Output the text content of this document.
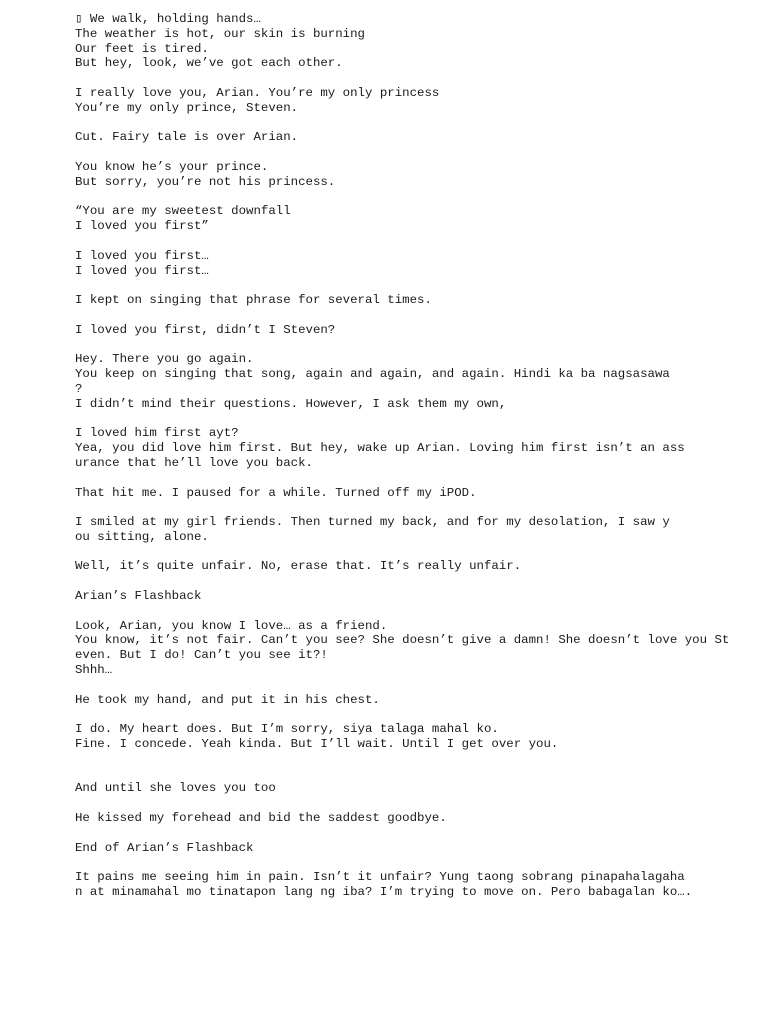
▯ We walk, holding hands…
The weather is hot, our skin is burning
Our feet is tired.
But hey, look, we’ve got each other.

I really love you, Arian. You’re my only princess
You’re my only prince, Steven.

Cut. Fairy tale is over Arian.

You know he’s your prince.
But sorry, you’re not his princess.

“You are my sweetest downfall
I loved you first”

I loved you first…
I loved you first…

I kept on singing that phrase for several times.

I loved you first, didn’t I Steven?

Hey. There you go again.
You keep on singing that song, again and again, and again. Hindi ka ba nagsasawa
?
I didn’t mind their questions. However, I ask them my own,

I loved him first ayt?
Yea, you did love him first. But hey, wake up Arian. Loving him first isn’t an ass
urance that he’ll love you back.

That hit me. I paused for a while. Turned off my iPOD.

I smiled at my girl friends. Then turned my back, and for my desolation, I saw y
ou sitting, alone.

Well, it’s quite unfair. No, erase that. It’s really unfair.

Arian’s Flashback

Look, Arian, you know I love… as a friend.
You know, it’s not fair. Can’t you see? She doesn’t give a damn! She doesn’t love you St
even. But I do! Can’t you see it?!
Shhh…

He took my hand, and put it in his chest.

I do. My heart does. But I’m sorry, siya talaga mahal ko.
Fine. I concede. Yeah kinda. But I’ll wait. Until I get over you.

And until she loves you too

He kissed my forehead and bid the saddest goodbye.

End of Arian’s Flashback

It pains me seeing him in pain. Isn’t it unfair? Yung taong sobrang pinapahalagaha
n at minamahal mo tinatapon lang ng iba? I’m trying to move on. Pero babagalan ko….
